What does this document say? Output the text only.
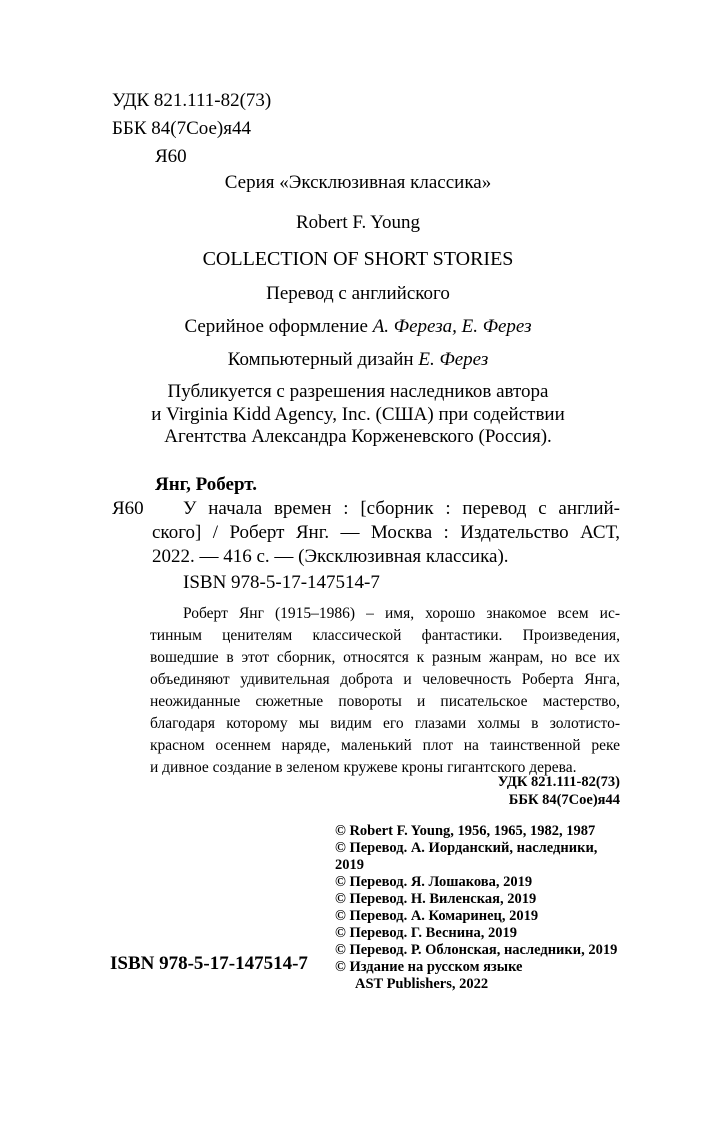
УДК 821.111-82(73)
ББК 84(7Сое)я44
Я60
Серия «Эксклюзивная классика»
Robert F. Young
COLLECTION OF SHORT STORIES
Перевод с английского
Серийное оформление А. Фереза, Е. Ферез
Компьютерный дизайн Е. Ферез
Публикуется с разрешения наследников автора
и Virginia Kidd Agency, Inc. (США) при содействии
Агентства Александра Корженевского (Россия).
Янг, Роберт.
Я60	У начала времен : [сборник : перевод с англий-
ского] / Роберт Янг. — Москва : Издательство АСТ,
2022. — 416 с. — (Эксклюзивная классика).
ISBN 978-5-17-147514-7
Роберт Янг (1915–1986) – имя, хорошо знакомое всем ис-
тинным ценителям классической фантастики. Произведения,
вошедшие в этот сборник, относятся к разным жанрам, но все их
объединяют удивительная доброта и человечность Роберта Янга,
неожиданные сюжетные повороты и писательское мастерство,
благодаря которому мы видим его глазами холмы в золотисто-
красном осеннем наряде, маленький плот на таинственной реке
и дивное создание в зеленом кружеве кроны гигантского дерева.
УДК 821.111-82(73)
ББК 84(7Сое)я44
© Robert F. Young, 1956, 1965, 1982, 1987
© Перевод. А. Иорданский, наследники, 2019
© Перевод. Я. Лошакова, 2019
© Перевод. Н. Виленская, 2019
© Перевод. А. Комаринец, 2019
© Перевод. Г. Веснина, 2019
© Перевод. Р. Облонская, наследники, 2019
© Издание на русском языке
AST Publishers, 2022
ISBN 978-5-17-147514-7
